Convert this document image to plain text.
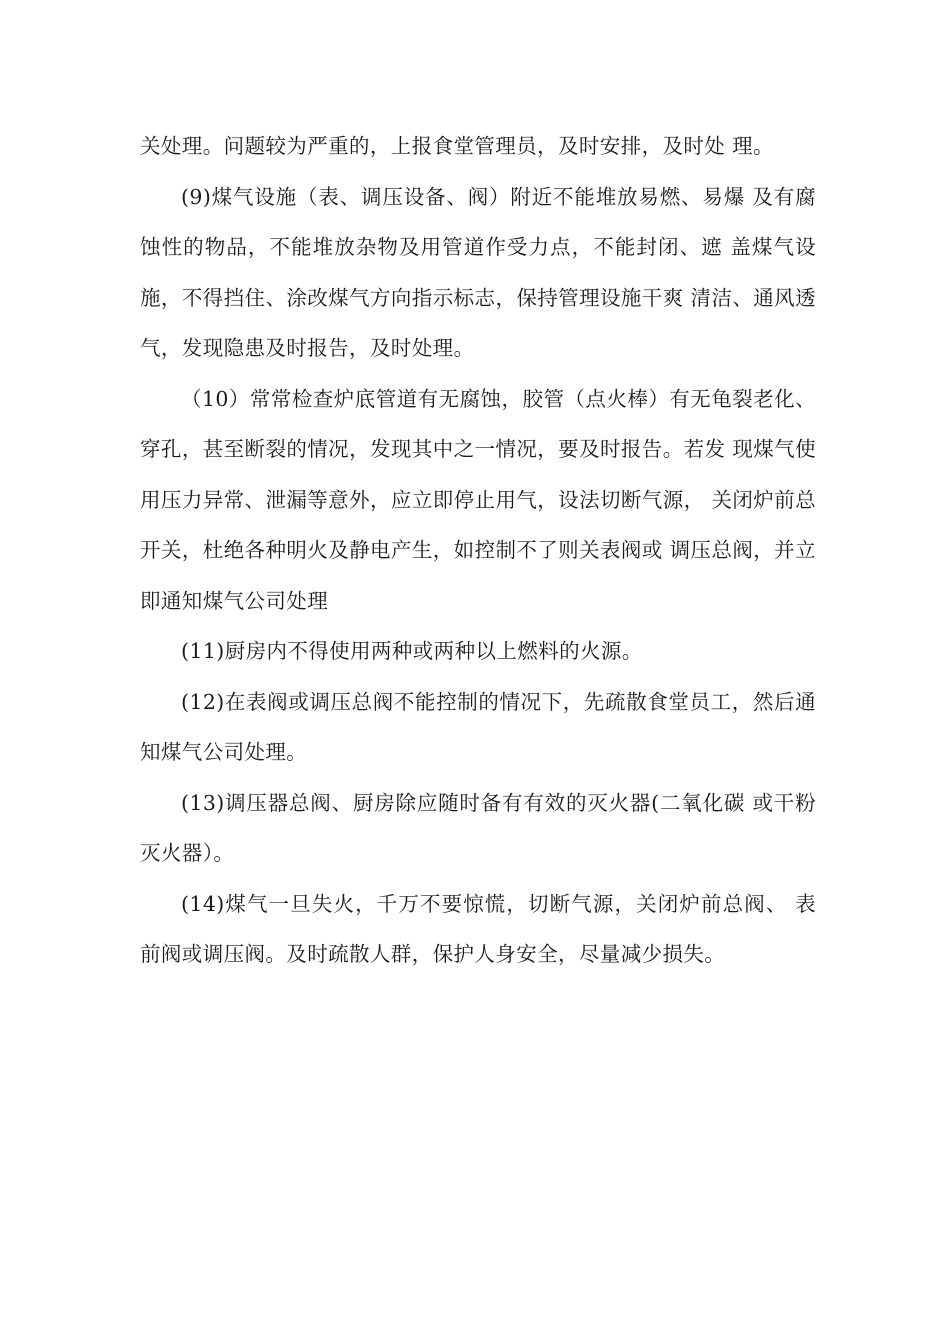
关处理。问题较为严重的，上报食堂管理员，及时安排，及时处 理。

(9)煤气设施（表、调压设备、阀）附近不能堆放易燃、易爆 及有腐蚀性的物品，不能堆放杂物及用管道作受力点，不能封闭、遮 盖煤气设施，不得挡住、涂改煤气方向指示标志，保持管理设施干爽 清洁、通风透气，发现隐患及时报告，及时处理。

（10）常常检查炉底管道有无腐蚀，胶管（点火棒）有无龟裂老化、穿孔，甚至断裂的情况，发现其中之一情况，要及时报告。若发 现煤气使用压力异常、泄漏等意外，应立即停止用气，设法切断气源， 关闭炉前总开关，杜绝各种明火及静电产生，如控制不了则关表阀或 调压总阀，并立即通知煤气公司处理

(11)厨房内不得使用两种或两种以上燃料的火源。

(12)在表阀或调压总阀不能控制的情况下，先疏散食堂员工，然后通知煤气公司处理。

(13)调压器总阀、厨房除应随时备有有效的灭火器(二氧化碳 或干粉灭火器）。

(14)煤气一旦失火，千万不要惊慌，切断气源，关闭炉前总阀、 表前阀或调压阀。及时疏散人群，保护人身安全，尽量减少损失。
